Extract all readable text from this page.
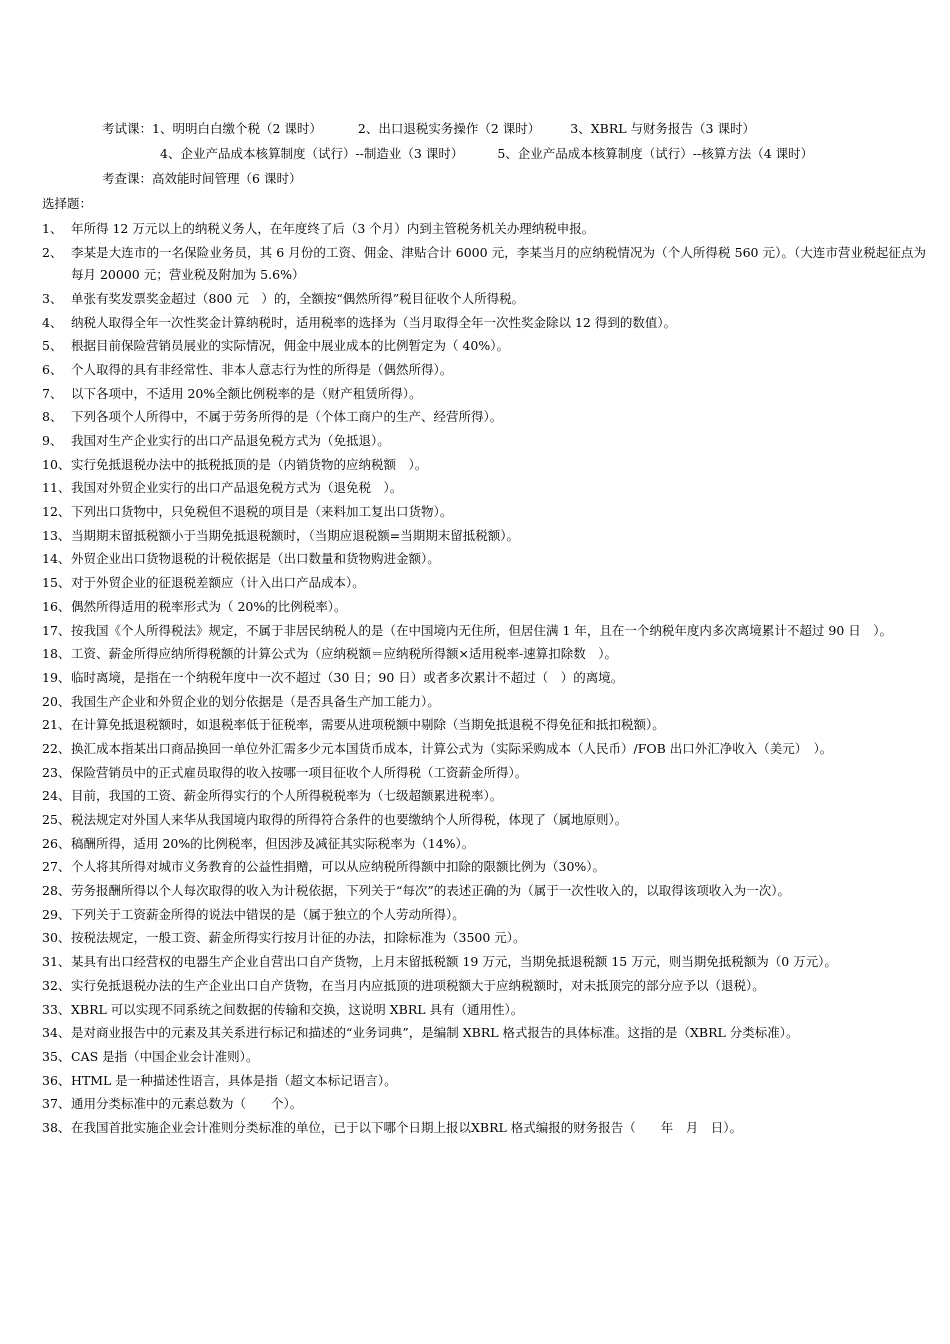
考试课：1、明明白白缴个税（2 课时）	2、出口退税实务操作（2 课时） 3、XBRL 与财务报告（3 课时）
4、企业产品成本核算制度（试行）--制造业（3 课时）	5、企业产品成本核算制度（试行）--核算方法（4 课时）
考查课：高效能时间管理（6 课时）
选择题：
1、 年所得 12 万元以上的纳税义务人，在年度终了后（3 个月）内到主管税务机关办理纳税申报。
2、 李某是大连市的一名保险业务员，其 6 月份的工资、佣金、津贴合计 6000 元，李某当月的应纳税情况为（个人所得税 560 元）。（大连市营业税起征点为每月 20000 元；营业税及附加为 5.6%）
3、 单张有奖发票奖金超过（800 元　）的，全额按“偶然所得”税目征收个人所得税。
4、 纳税人取得全年一次性奖金计算纳税时，适用税率的选择为（当月取得全年一次性奖金除以 12 得到的数值）。
5、 根据目前保险营销员展业的实际情况，佣金中展业成本的比例暂定为（ 40%）。
6、 个人取得的具有非经常性、非本人意志行为性的所得是（偶然所得）。
7、 以下各项中，不适用 20%全额比例税率的是（财产租赁所得）。
8、 下列各项个人所得中，不属于劳务所得的是（个体工商户的生产、经营所得）。
9、 我国对生产企业实行的出口产品退免税方式为（免抵退）。
10、 实行免抵退税办法中的抵税抵顶的是（内销货物的应纳税额　）。
11、 我国对外贸企业实行的出口产品退免税方式为（退免税　）。
12、 下列出口货物中，只免税但不退税的项目是（来料加工复出口货物）。
13、 当期期末留抵税额小于当期免抵退税额时，（当期应退税额=当期期末留抵税额）。
14、 外贸企业出口货物退税的计税依据是（出口数量和货物购进金额）。
15、 对于外贸企业的征退税差额应（计入出口产品成本）。
16、 偶然所得适用的税率形式为（ 20%的比例税率）。
17、 按我国《个人所得税法》规定，不属于非居民纳税人的是（在中国境内无住所，但居住满 1 年，且在一个纳税年度内多次离境累计不超过 90 日　）。
18、 工资、薪金所得应纳所得税额的计算公式为（应纳税额＝应纳税所得额×适用税率-速算扣除数　）。
19、 临时离境，是指在一个纳税年度中一次不超过（30 日；90 日）或者多次累计不超过（　）的离境。
20、 我国生产企业和外贸企业的划分依据是（是否具备生产加工能力）。
21、 在计算免抵退税额时，如退税率低于征税率，需要从进项税额中剔除（当期免抵退税不得免征和抵扣税额）。
22、 换汇成本指某出口商品换回一单位外汇需多少元本国货币成本，计算公式为（实际采购成本（人民币）/FOB 出口外汇净收入（美元）　）。
23、 保险营销员中的正式雇员取得的收入按哪一项目征收个人所得税（工资薪金所得）。
24、 目前，我国的工资、薪金所得实行的个人所得税税率为（七级超额累进税率）。
25、 税法规定对外国人来华从我国境内取得的所得符合条件的也要缴纳个人所得税，体现了（属地原则）。
26、 稿酬所得，适用 20%的比例税率，但因涉及减征其实际税率为（14%）。
27、 个人将其所得对城市义务教育的公益性捐赠，可以从应纳税所得额中扣除的限额比例为（30%）。
28、 劳务报酬所得以个人每次取得的收入为计税依据，下列关于“每次”的表述正确的为（属于一次性收入的，以取得该项收入为一次）。
29、 下列关于工资薪金所得的说法中错误的是（属于独立的个人劳动所得）。
30、 按税法规定，一般工资、薪金所得实行按月计征的办法，扣除标准为（3500 元）。
31、 某具有出口经营权的电器生产企业自营出口自产货物，上月末留抵税额 19 万元，当期免抵退税额 15 万元，则当期免抵税额为（0 万元）。
32、 实行免抵退税办法的生产企业出口自产货物，在当月内应抵顶的进项税额大于应纳税额时，对未抵顶完的部分应予以（退税）。
33、 XBRL 可以实现不同系统之间数据的传输和交换，这说明 XBRL 具有（通用性）。
34、 是对商业报告中的元素及其关系进行标记和描述的“业务词典”，是编制 XBRL 格式报告的具体标准。这指的是（XBRL 分类标准）。
35、 CAS 是指（中国企业会计准则）。
36、 HTML 是一种描述性语言，具体是指（超文本标记语言）。
37、 通用分类标准中的元素总数为（　　个）。
38、 在我国首批实施企业会计准则分类标准的单位，已于以下哪个日期上报以XBRL 格式编报的财务报告（　　年　月　日）。
